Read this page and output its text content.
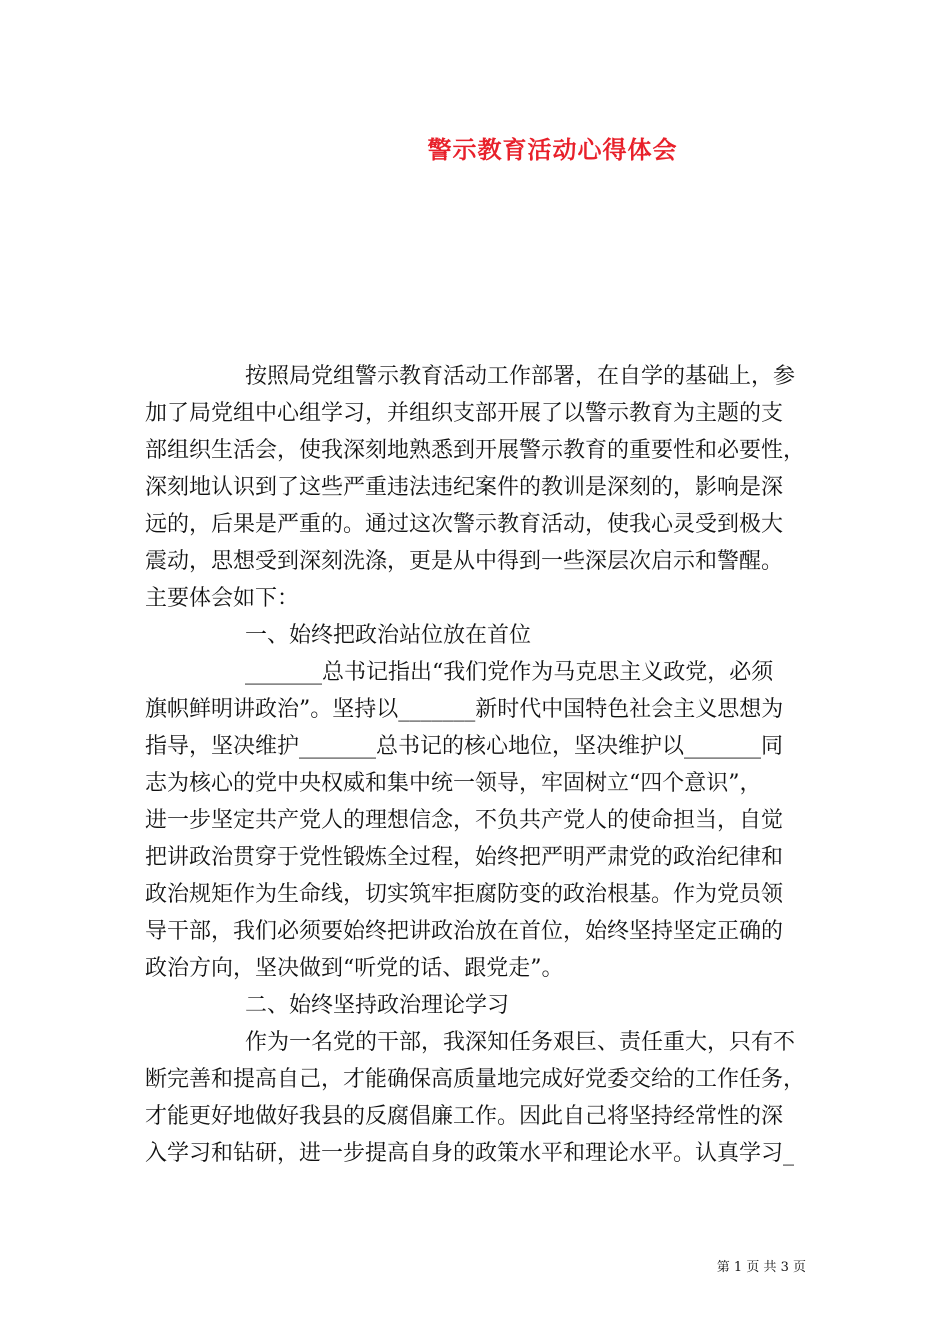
警示教育活动心得体会
按照局党组警示教育活动工作部署，在自学的基础上，参
加了局党组中心组学习，并组织支部开展了以警示教育为主题的支
部组织生活会，使我深刻地熟悉到开展警示教育的重要性和必要性，
深刻地认识到了这些严重违法违纪案件的教训是深刻的，影响是深
远的，后果是严重的。通过这次警示教育活动，使我心灵受到极大
震动，思想受到深刻洗涤，更是从中得到一些深层次启示和警醒。
主要体会如下：
一、始终把政治站位放在首位
_______总书记指出“我们党作为马克思主义政党，必须
旗帜鲜明讲政治”。坚持以_______新时代中国特色社会主义思想为
指导，坚决维护_______总书记的核心地位，坚决维护以_______同
志为核心的党中央权威和集中统一领导，牢固树立“四个意识”，
进一步坚定共产党人的理想信念，不负共产党人的使命担当，自觉
把讲政治贯穿于党性锻炼全过程，始终把严明严肃党的政治纪律和
政治规矩作为生命线，切实筑牢拒腐防变的政治根基。作为党员领
导干部，我们必须要始终把讲政治放在首位，始终坚持坚定正确的
政治方向，坚决做到“听党的话、跟党走”。
二、始终坚持政治理论学习
作为一名党的干部，我深知任务艰巨、责任重大，只有不
断完善和提高自己，才能确保高质量地完成好党委交给的工作任务，
才能更好地做好我县的反腐倡廉工作。因此自己将坚持经常性的深
入学习和钻研，进一步提高自身的政策水平和理论水平。认真学习_
第 1 页 共 3 页
